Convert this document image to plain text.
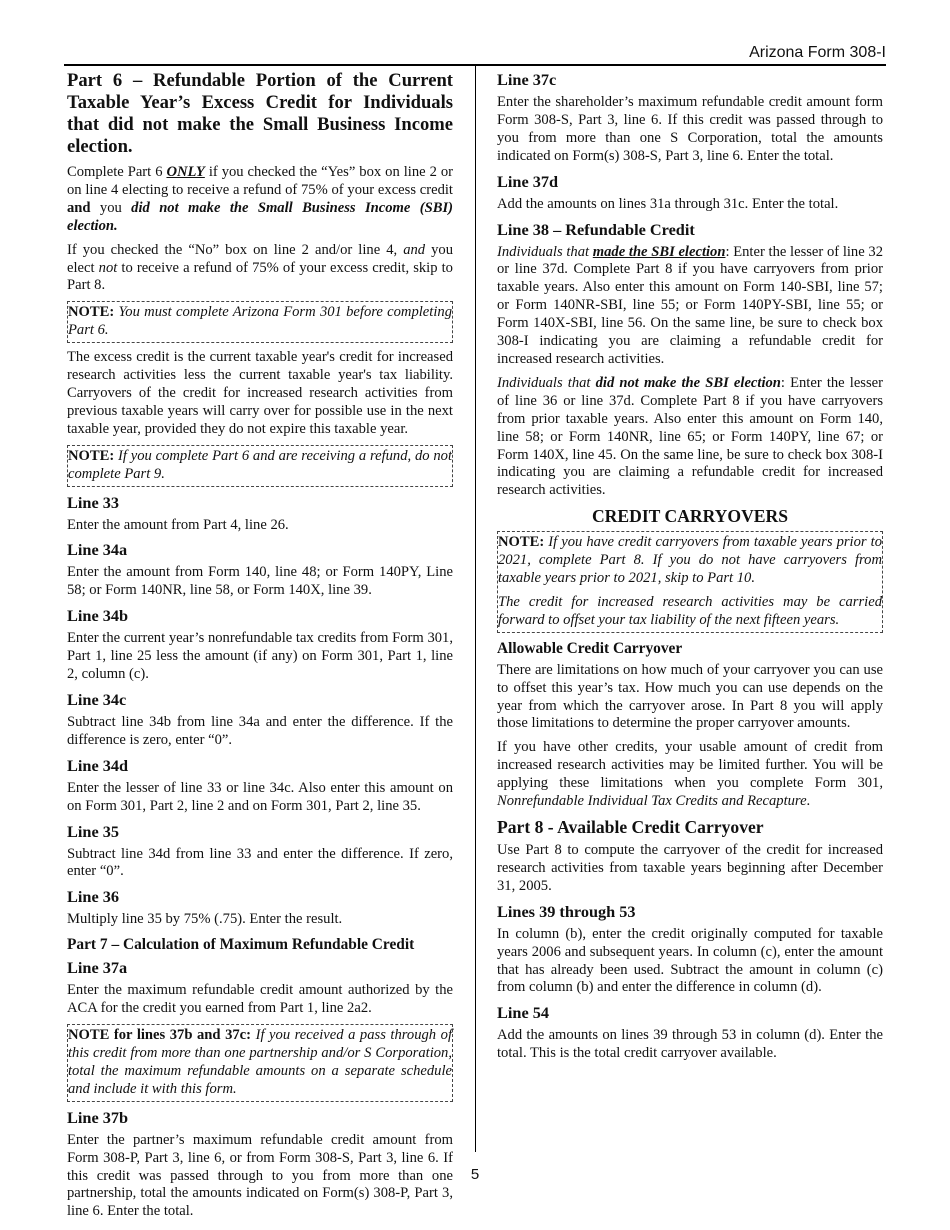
Arizona Form 308-I
Part 6 – Refundable Portion of the Current Taxable Year’s Excess Credit for Individuals that did not make the Small Business Income election.

Complete Part 6 ONLY if you checked the “Yes” box on line 2 or on line 4 electing to receive a refund of 75% of your excess credit and you did not make the Small Business Income (SBI) election.

If you checked the “No” box on line 2 and/or line 4, and you elect not to receive a refund of 75% of your excess credit, skip to Part 8.

NOTE: You must complete Arizona Form 301 before completing Part 6.

The excess credit is the current taxable year's credit for increased research activities less the current taxable year's tax liability. Carryovers of the credit for increased research activities from previous taxable years will carry over for possible use in the next taxable year, provided they do not expire this taxable year.

NOTE: If you complete Part 6 and are receiving a refund, do not complete Part 9.

Line 33

Enter the amount from Part 4, line 26.

Line 34a

Enter the amount from Form 140, line 48; or Form 140PY, Line 58; or Form 140NR, line 58, or Form 140X, line 39.

Line 34b

Enter the current year’s nonrefundable tax credits from Form 301, Part 1, line 25 less the amount (if any) on Form 301, Part 1, line 2, column (c).

Line 34c

Subtract line 34b from line 34a and enter the difference. If the difference is zero, enter “0”.

Line 34d

Enter the lesser of line 33 or line 34c. Also enter this amount on on Form 301, Part 2, line 2 and on Form 301, Part 2, line 35.

Line 35

Subtract line 34d from line 33 and enter the difference. If zero, enter “0”.

Line 36

Multiply line 35 by 75% (.75). Enter the result.

Part 7 – Calculation of Maximum Refundable Credit
Line 37a

Enter the maximum refundable credit amount authorized by the ACA for the credit you earned from Part 1, line 2a2.

NOTE for lines 37b and 37c: If you received a pass through of this credit from more than one partnership and/or S Corporation, total the maximum refundable amounts on a separate schedule and include it with this form.

Line 37b

Enter the partner’s maximum refundable credit amount from Form 308-P, Part 3, line 6, or from Form 308-S, Part 3, line 6. If this credit was passed through to you from more than one partnership, total the amounts indicated on Form(s) 308-P, Part 3, line 6. Enter the total.

Line 37c

Enter the shareholder’s maximum refundable credit amount form Form 308-S, Part 3, line 6. If this credit was passed through to you from more than one S Corporation, total the amounts indicated on Form(s) 308-S, Part 3, line 6. Enter the total.

Line 37d

Add the amounts on lines 31a through 31c. Enter the total.

Line 38 – Refundable Credit

Individuals that made the SBI election: Enter the lesser of line 32 or line 37d. Complete Part 8 if you have carryovers from prior taxable years. Also enter this amount on Form 140-SBI, line 57; or Form 140NR-SBI, line 55; or Form 140PY-SBI, line 55; or Form 140X-SBI, line 56. On the same line, be sure to check box 308-I indicating you are claiming a refundable credit for increased research activities.

Individuals that did not make the SBI election: Enter the lesser of line 36 or line 37d. Complete Part 8 if you have carryovers from prior taxable years. Also enter this amount on Form 140, line 58; or Form 140NR, line 65; or Form 140PY, line 67; or Form 140X, line 45. On the same line, be sure to check box 308-I indicating you are claiming a refundable credit for increased research activities.

CREDIT CARRYOVERS

NOTE: If you have credit carryovers from taxable years prior to 2021, complete Part 8. If you do not have carryovers from taxable years prior to 2021, skip to Part 10.

The credit for increased research activities may be carried forward to offset your tax liability of the next fifteen years.

Allowable Credit Carryover

There are limitations on how much of your carryover you can use to offset this year’s tax. How much you can use depends on the year from which the carryover arose. In Part 8 you will apply those limitations to determine the proper carryover amounts.

If you have other credits, your usable amount of credit from increased research activities may be limited further. You will be applying these limitations when you complete Form 301, Nonrefundable Individual Tax Credits and Recapture.

Part 8 - Available Credit Carryover

Use Part 8 to compute the carryover of the credit for increased research activities from taxable years beginning after December 31, 2005.

Lines 39 through 53

In column (b), enter the credit originally computed for taxable years 2006 and subsequent years. In column (c), enter the amount that has already been used. Subtract the amount in column (c) from column (b) and enter the difference in column (d).

Line 54

Add the amounts on lines 39 through 53 in column (d). Enter the total. This is the total credit carryover available.

5
